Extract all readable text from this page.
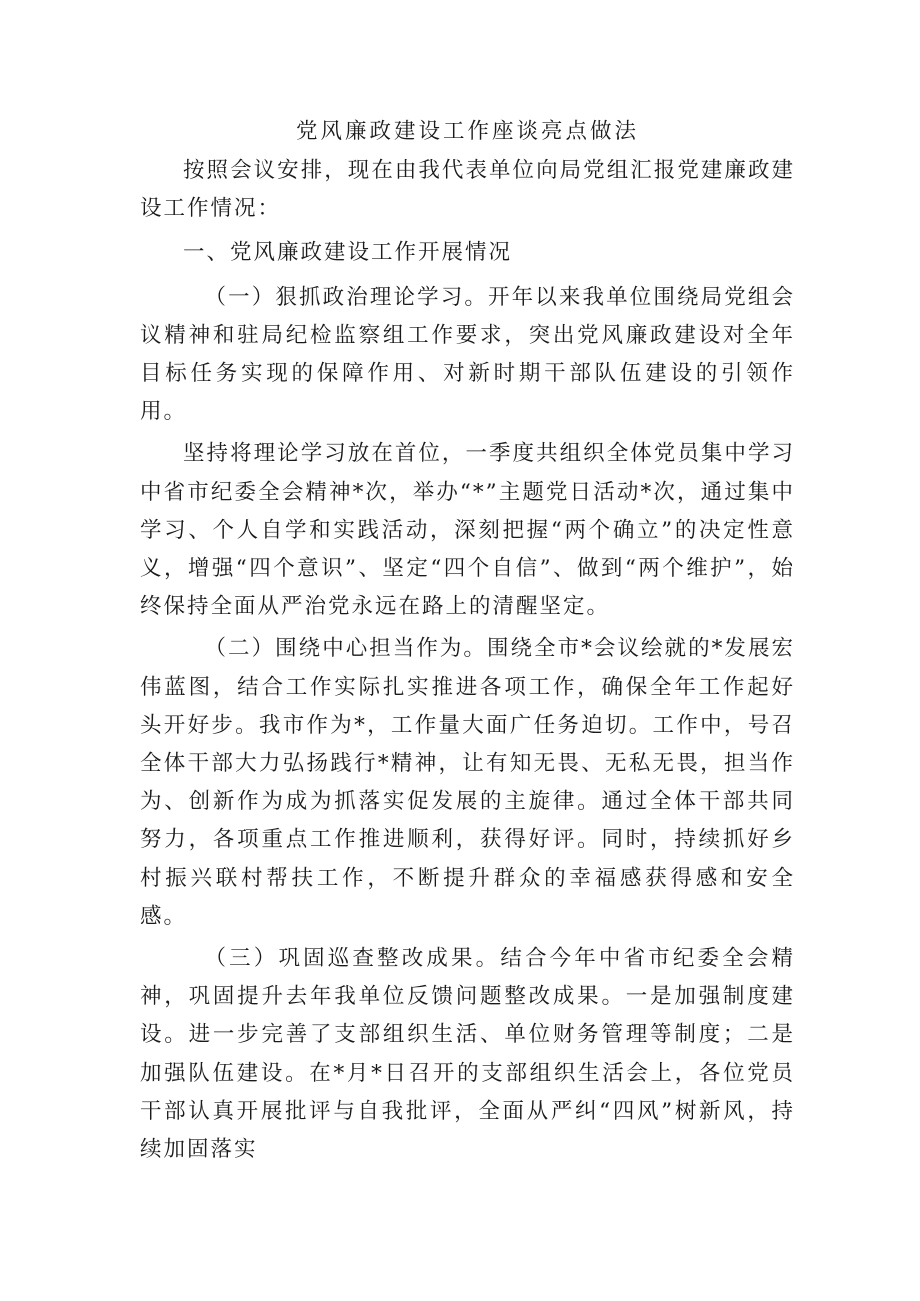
党风廉政建设工作座谈亮点做法

按照会议安排，现在由我代表单位向局党组汇报党建廉政建设工作情况：

一、党风廉政建设工作开展情况

（一）狠抓政治理论学习。开年以来我单位围绕局党组会议精神和驻局纪检监察组工作要求，突出党风廉政建设对全年目标任务实现的保障作用、对新时期干部队伍建设的引领作用。

坚持将理论学习放在首位，一季度共组织全体党员集中学习中省市纪委全会精神*次，举办“*”主题党日活动*次，通过集中学习、个人自学和实践活动，深刻把握“两个确立”的决定性意义，增强“四个意识”、坚定“四个自信”、做到“两个维护”，始终保持全面从严治党永远在路上的清醒坚定。

（二）围绕中心担当作为。围绕全市*会议绘就的*发展宏伟蓝图，结合工作实际扎实推进各项工作，确保全年工作起好头开好步。我市作为*，工作量大面广任务迫切。工作中，号召全体干部大力弘扬践行*精神，让有知无畏、无私无畏，担当作为、创新作为成为抓落实促发展的主旋律。通过全体干部共同努力，各项重点工作推进顺利，获得好评。同时，持续抓好乡村振兴联村帮扶工作，不断提升群众的幸福感获得感和安全感。

（三）巩固巡查整改成果。结合今年中省市纪委全会精神，巩固提升去年我单位反馈问题整改成果。一是加强制度建设。进一步完善了支部组织生活、单位财务管理等制度；二是加强队伍建设。在*月*日召开的支部组织生活会上，各位党员干部认真开展批评与自我批评，全面从严纠“四风”树新风，持续加固落实
